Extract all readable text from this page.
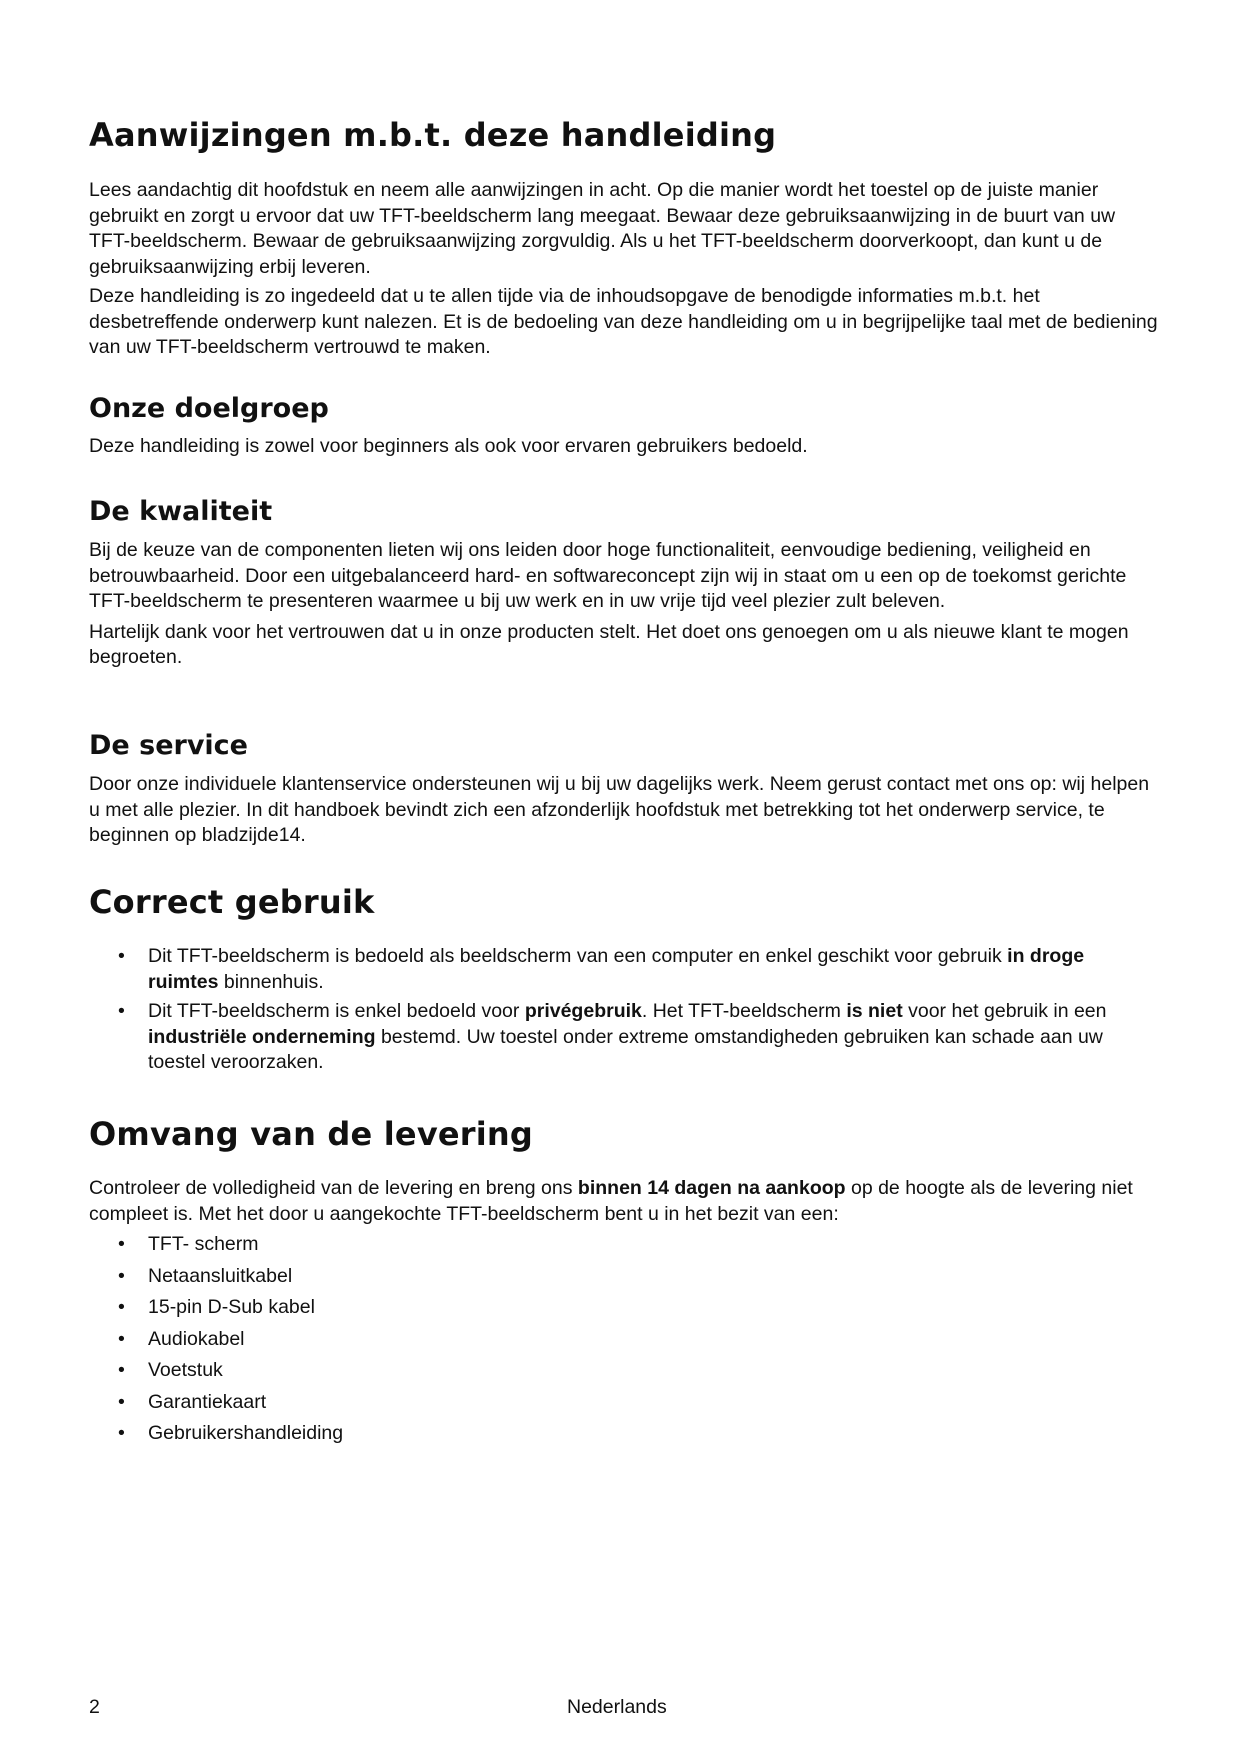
Aanwijzingen m.b.t. deze handleiding

Lees aandachtig dit hoofdstuk en neem alle aanwijzingen in acht. Op die manier wordt het toestel op de juiste manier gebruikt en zorgt u ervoor dat uw TFT-beeldscherm lang meegaat. Bewaar deze gebruiksaanwijzing in de buurt van uw TFT-beeldscherm. Bewaar de gebruiksaanwijzing zorgvuldig. Als u het TFT-beeldscherm doorverkoopt, dan kunt u de gebruiksaanwijzing erbij leveren.

Deze handleiding is zo ingedeeld dat u te allen tijde via de inhoudsopgave de benodigde informaties m.b.t. het desbetreffende onderwerp kunt nalezen. Et is de bedoeling van deze handleiding om u in begrijpelijke taal met de bediening van uw TFT-beeldscherm vertrouwd te maken.

Onze doelgroep

Deze handleiding is zowel voor beginners als ook voor ervaren gebruikers bedoeld.

De kwaliteit

Bij de keuze van de componenten lieten wij ons leiden door hoge functionaliteit, eenvoudige bediening, veiligheid en betrouwbaarheid. Door een uitgebalanceerd hard- en softwareconcept zijn wij in staat om u een op de toekomst gerichte TFT-beeldscherm te presenteren waarmee u bij uw werk en in uw vrije tijd veel plezier zult beleven.

Hartelijk dank voor het vertrouwen dat u in onze producten stelt. Het doet ons genoegen om u als nieuwe klant te mogen begroeten.

De service

Door onze individuele klantenservice ondersteunen wij u bij uw dagelijks werk. Neem gerust contact met ons op: wij helpen u met alle plezier. In dit handboek bevindt zich een afzonderlijk hoofdstuk met betrekking tot het onderwerp service, te beginnen op bladzijde14.

Correct gebruik
• Dit TFT-beeldscherm is bedoeld als beeldscherm van een computer en enkel geschikt voor gebruik in droge ruimtes binnenhuis.
• Dit TFT-beeldscherm is enkel bedoeld voor privégebruik. Het TFT-beeldscherm is niet voor het gebruik in een industriële onderneming bestemd. Uw toestel onder extreme omstandigheden gebruiken kan schade aan uw toestel veroorzaken.
Omvang van de levering

Controleer de volledigheid van de levering en breng ons binnen 14 dagen na aankoop op de hoogte als de levering niet compleet is. Met het door u aangekochte TFT-beeldscherm bent u in het bezit van een:

• TFT- scherm
• Netaansluitkabel
• 15-pin D-Sub kabel
• Audiokabel
• Voetstuk
• Garantiekaart
• Gebruikershandleiding
2	Nederlands
